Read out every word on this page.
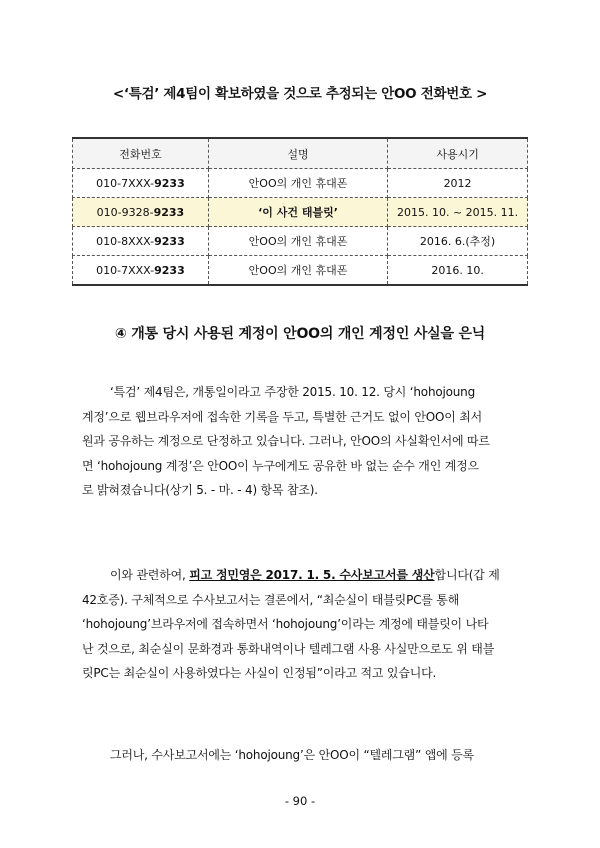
<‘특검’ 제4팀이 확보하였을 것으로 추정되는 안OO 전화번호 >
전화번호	설명	사용시기
010-7XXX-9233	안OO의 개인 휴대폰	2012
010-9328-9233	‘이 사건 태블릿’	2015. 10. ~ 2015. 11.
010-8XXX-9233	안OO의 개인 휴대폰	2016. 6.(추정)
010-7XXX-9233	안OO의 개인 휴대폰	2016. 10.
④ 개통 당시 사용된 계정이 안OO의 개인 계정인 사실을 은닉
‘특검’ 제4팀은, 개통일이라고 주장한 2015. 10. 12. 당시 ‘hohojoung
계정’으로 웹브라우저에 접속한 기록을 두고, 특별한 근거도 없이 안OO이 최서
원과 공유하는 계정으로 단정하고 있습니다. 그러나, 안OO의 사실확인서에 따르
면 ‘hohojoung 계정’은 안OO이 누구에게도 공유한 바 없는 순수 개인 계정으
로 밝혀졌습니다(상기 5. - 마. - 4) 항목 참조).
이와 관련하여, 피고 정민영은 2017. 1. 5. 수사보고서를 생산합니다(갑 제
42호증). 구체적으로 수사보고서는 결론에서, “최순실이 태블릿PC를 통해
‘hohojoung’브라우저에 접속하면서 ‘hohojoung’이라는 계정에 태블릿이 나타
난 것으로, 최순실이 문화경과 통화내역이나 텔레그램 사용 사실만으로도 위 태블
릿PC는 최순실이 사용하였다는 사실이 인정됨”이라고 적고 있습니다.
그러나, 수사보고서에는 ‘hohojoung’은 안OO이 “텔레그램” 앱에 등록
- 90 -
